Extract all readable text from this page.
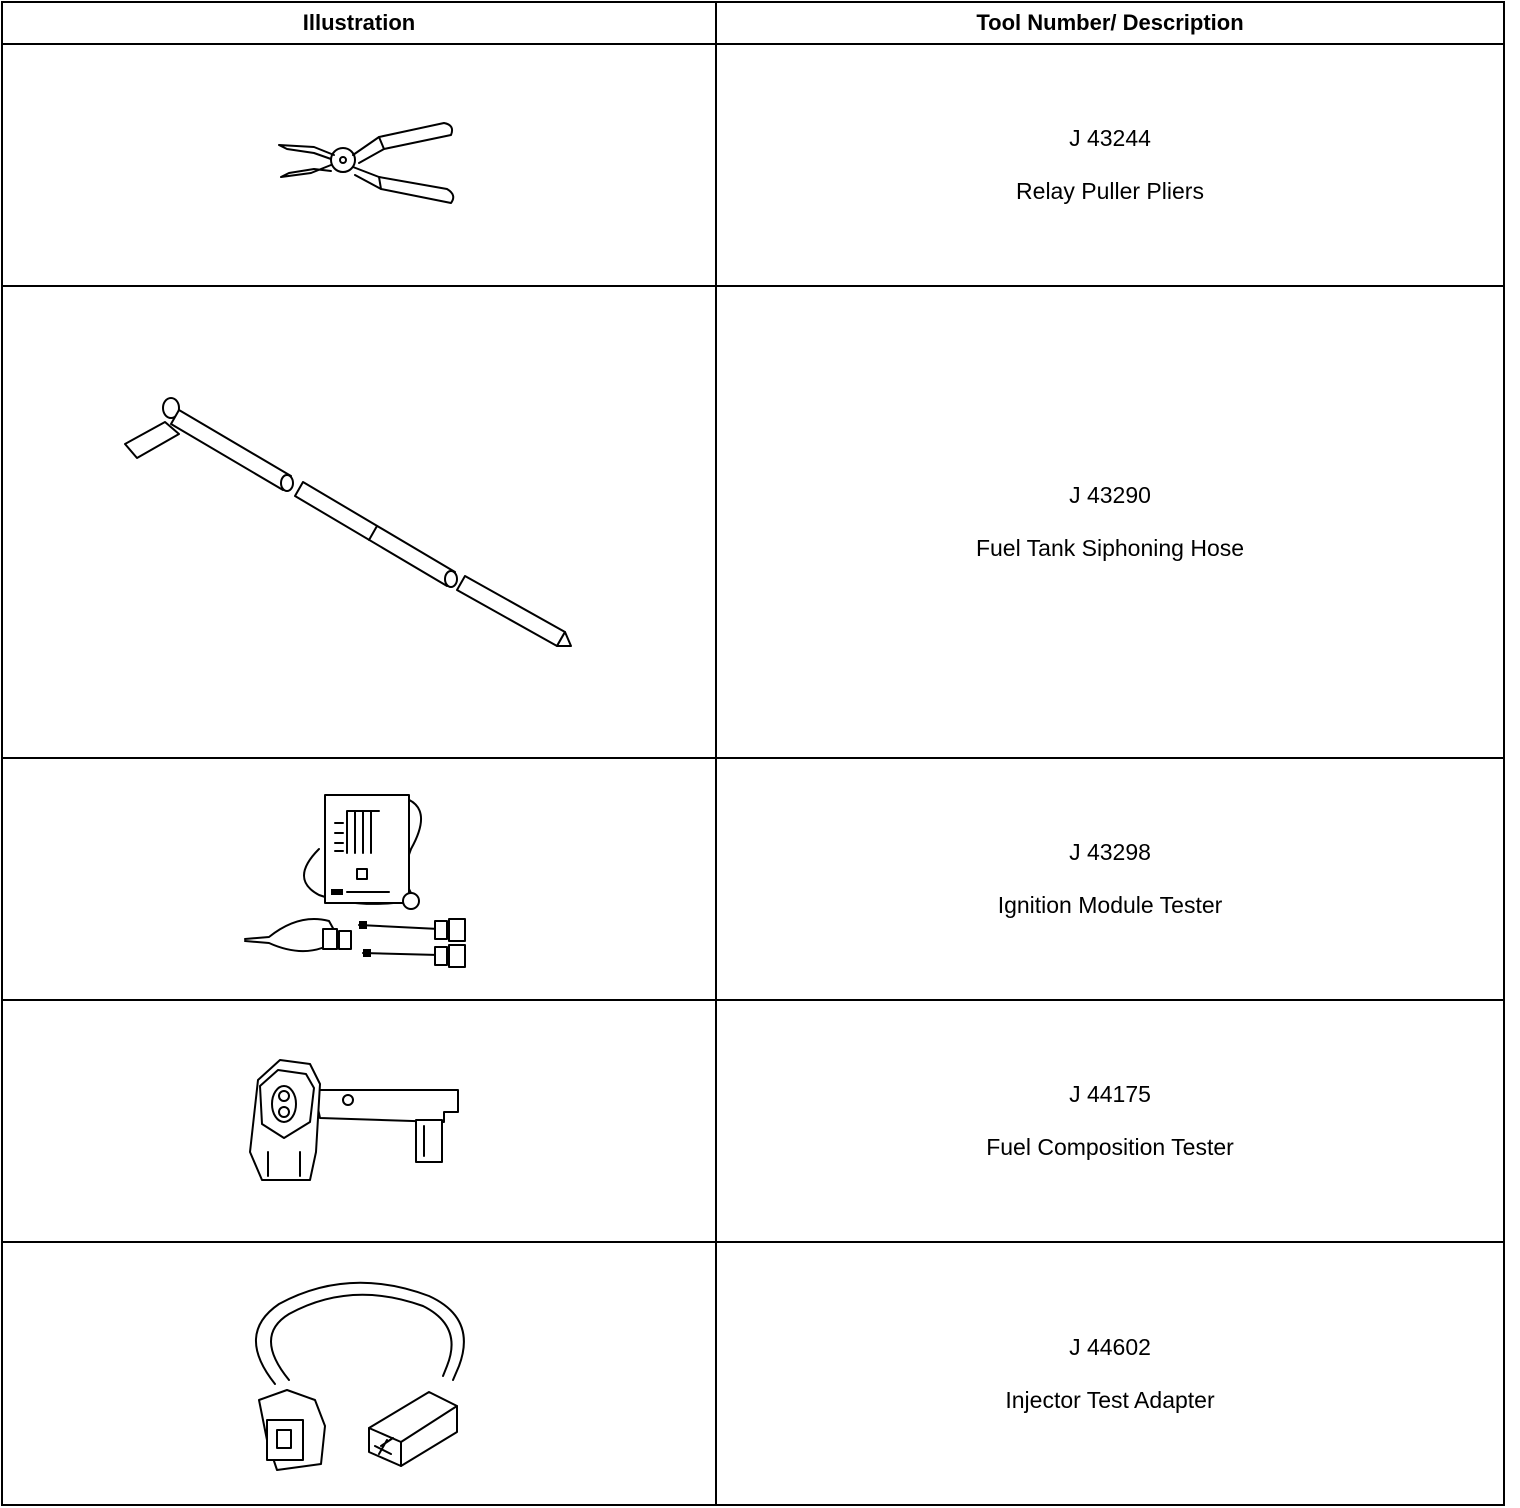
Illustration	Tool Number/ Description

J 43244
Relay Puller Pliers

J 43290
Fuel Tank Siphoning Hose

J 43298
Ignition Module Tester

J 44175
Fuel Composition Tester

J 44602
Injector Test Adapter
